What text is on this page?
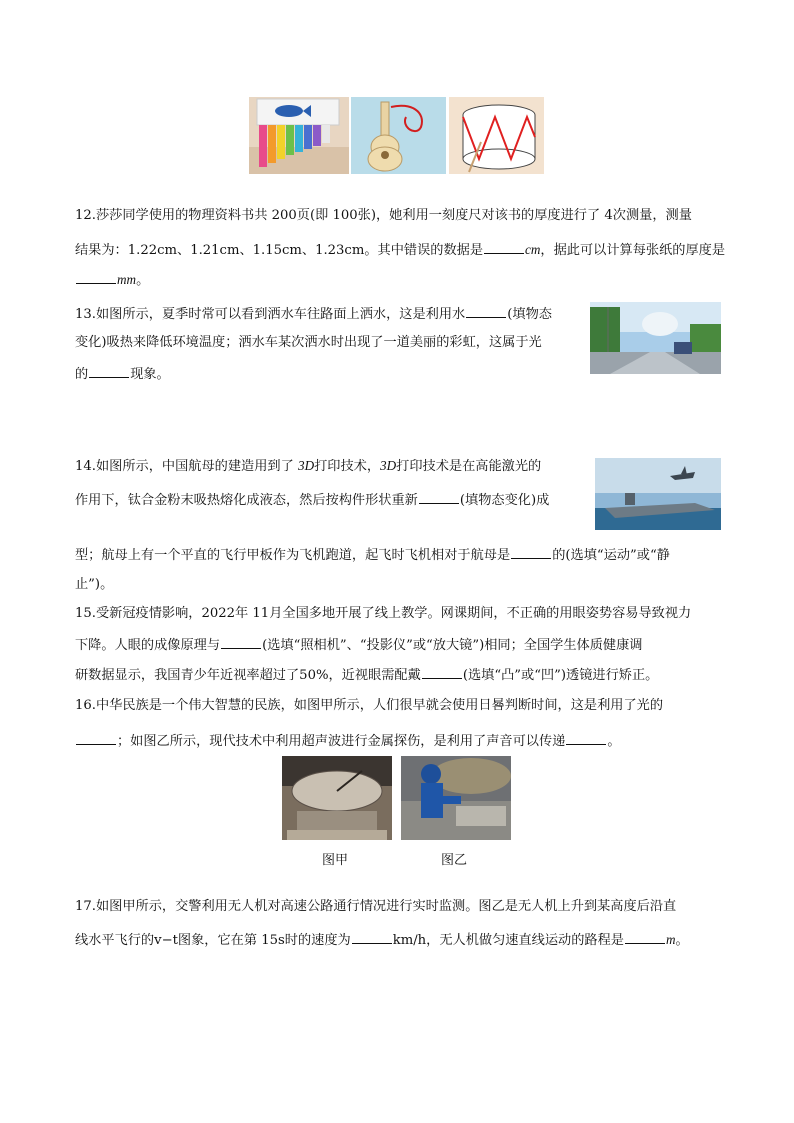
12.莎莎同学使用的物理资料书共 200页(即 100张)，她利用一刻度尺对该书的厚度进行了 4次测量，测量
结果为：1.22cm、1.21cm、1.15cm、1.23cm。其中错误的数据是	cm，据此可以计算每张纸的厚度是
mm。
13.如图所示，夏季时常可以看到洒水车往路面上洒水，这是利用水	(填物态
变化)吸热来降低环境温度；洒水车某次洒水时出现了一道美丽的彩虹，这属于光
的	现象。
14.如图所示，中国航母的建造用到了 3D打印技术，3D打印技术是在高能激光的
作用下，钛合金粉末吸热熔化成液态，然后按构件形状重新	(填物态变化)成
型；航母上有一个平直的飞行甲板作为飞机跑道，起飞时飞机相对于航母是	的(选填“运动”或“静
止”)。
15.受新冠疫情影响，2022年 11月全国多地开展了线上教学。网课期间，不正确的用眼姿势容易导致视力
下降。人眼的成像原理与	(选填“照相机”、“投影仪”或“放大镜”)相同；全国学生体质健康调
研数据显示，我国青少年近视率超过了50%，近视眼需配戴	(选填“凸”或“凹”)透镜进行矫正。
16.中华民族是一个伟大智慧的民族，如图甲所示，人们很早就会使用日晷判断时间，这是利用了光的
；如图乙所示，现代技术中利用超声波进行金属探伤，是利用了声音可以传递	。
图甲	图乙
17.如图甲所示，交警利用无人机对高速公路通行情况进行实时监测。图乙是无人机上升到某高度后沿直
线水平飞行的v−t图象，它在第 15s时的速度为	km/h，无人机做匀速直线运动的路程是	m。
